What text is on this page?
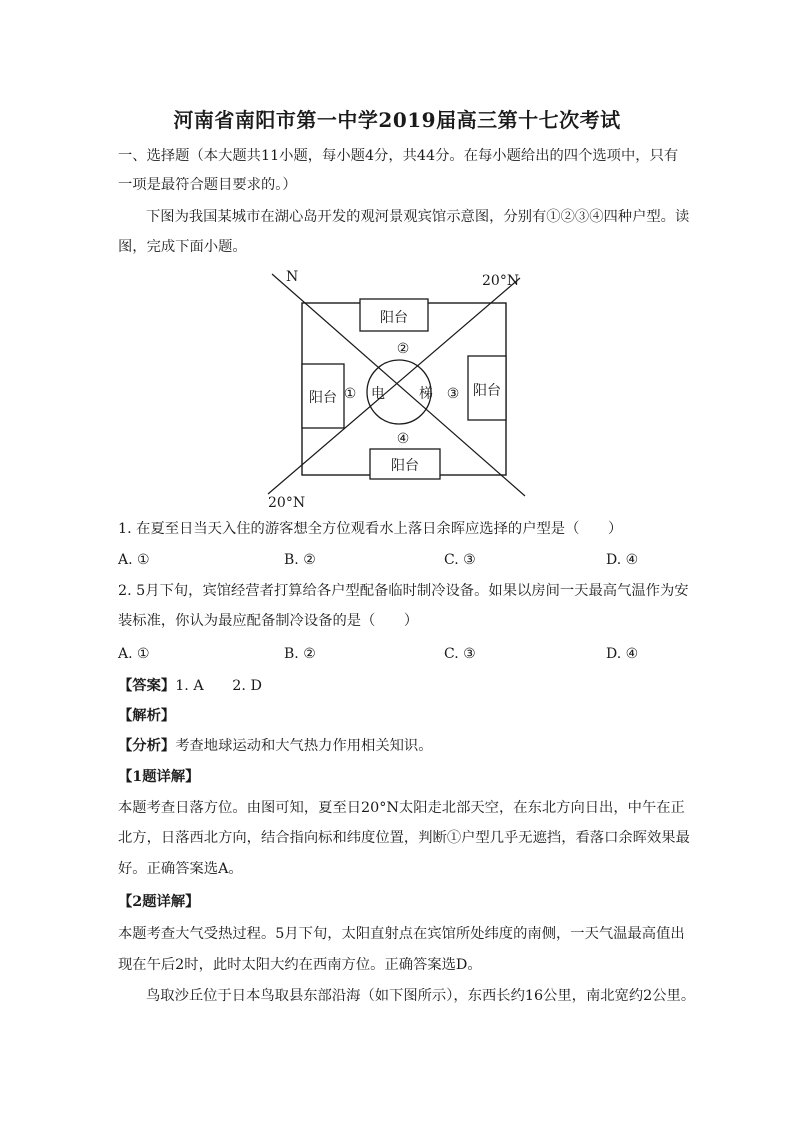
河南省南阳市第一中学2019届高三第十七次考试
一、选择题（本大题共11小题，每小题4分，共44分。在每小题给出的四个选项中，只有
一项是最符合题目要求的。）
下图为我国某城市在湖心岛开发的观河景观宾馆示意图，分别有①②③④四种户型。读
图，完成下面小题。
N	20°N
20°N
阳台
阳台	阳台
阳台
电 梯
①
②
③
④
1. 在夏至日当天入住的游客想全方位观看水上落日余晖应选择的户型是（　　）
A. ①	B. ②	C. ③	D. ④
2. 5月下旬，宾馆经营者打算给各户型配备临时制冷设备。如果以房间一天最高气温作为安
装标准，你认为最应配备制冷设备的是（　　）
A. ①	B. ②	C. ③	D. ④
【答案】1. A　　2. D
【解析】
【分析】考查地球运动和大气热力作用相关知识。
【1题详解】
本题考查日落方位。由图可知，夏至日20°N太阳走北部天空，在东北方向日出，中午在正
北方，日落西北方向，结合指向标和纬度位置，判断①户型几乎无遮挡，看落口余晖效果最
好。正确答案选A。
【2题详解】
本题考查大气受热过程。5月下旬，太阳直射点在宾馆所处纬度的南侧，一天气温最高值出
现在午后2时，此时太阳大约在西南方位。正确答案选D。
鸟取沙丘位于日本鸟取县东部沿海（如下图所示），东西长约16公里，南北宽约2公里。
